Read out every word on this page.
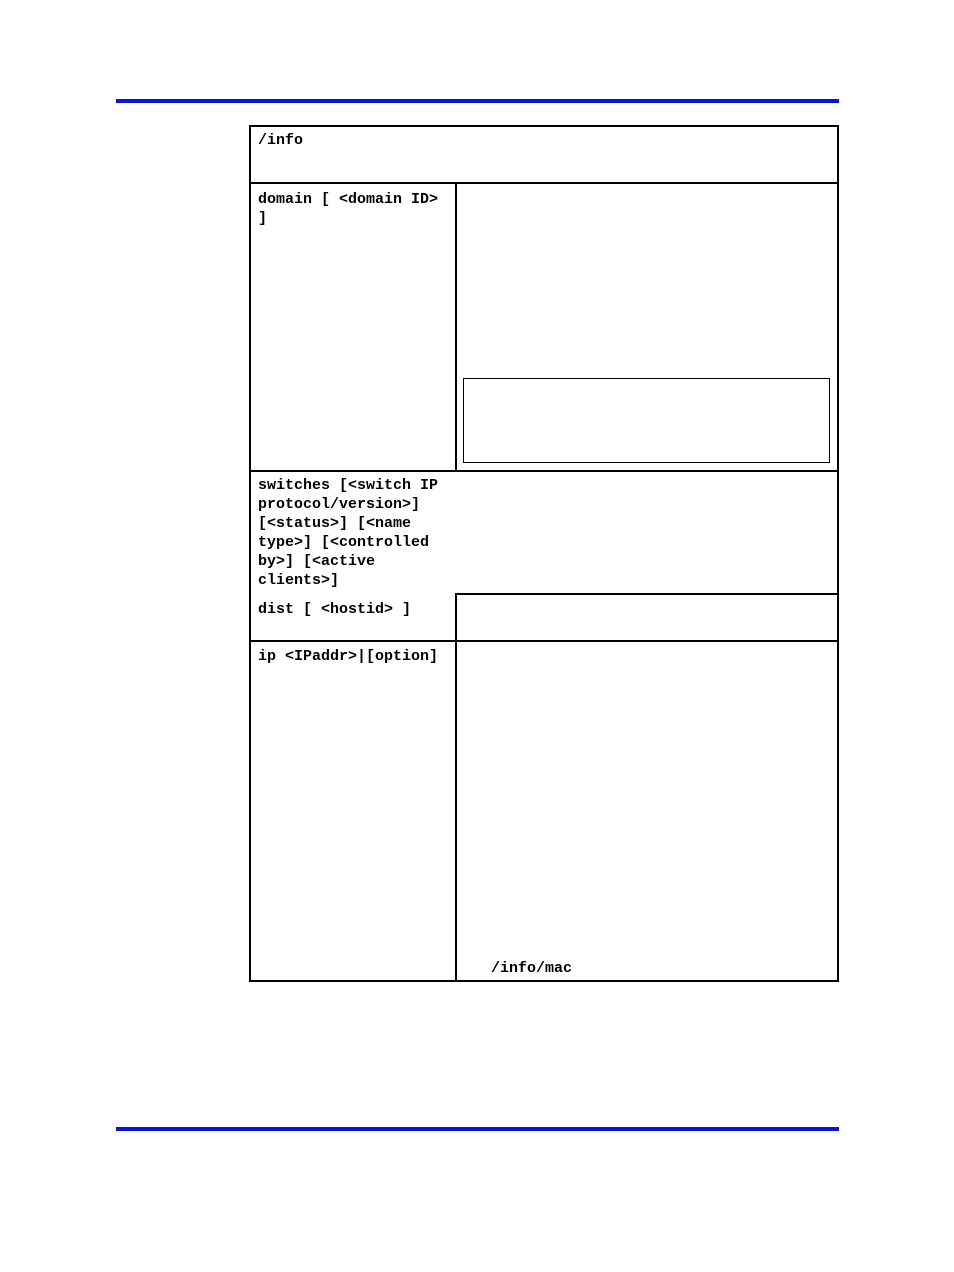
/info
domain [ <domain ID>
]
switches [<switch IP
protocol/version>]
[<status>] [<name
type>] [<controlled
by>] [<active
clients>]
dist [ <hostid> ]
ip <IPaddr>|[option]
/info/mac
